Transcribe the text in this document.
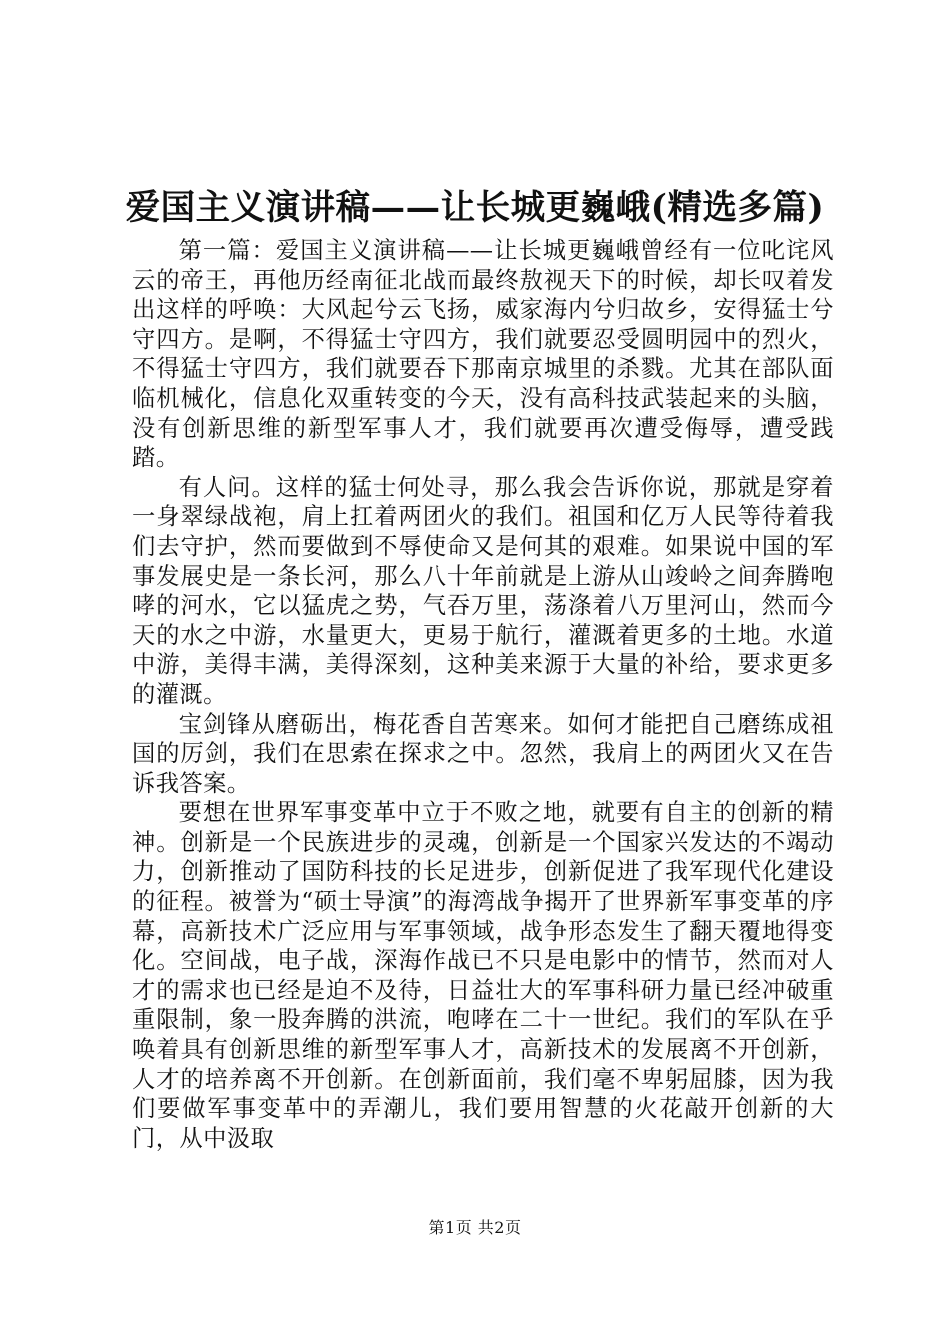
爱国主义演讲稿——让长城更巍峨(精选多篇)

第一篇：爱国主义演讲稿——让长城更巍峨曾经有一位叱诧风云的帝王，再他历经南征北战而最终敖视天下的时候，却长叹着发出这样的呼唤：大风起兮云飞扬，威家海内兮归故乡，安得猛士兮守四方。是啊，不得猛士守四方，我们就要忍受圆明园中的烈火，不得猛士守四方，我们就要吞下那南京城里的杀戮。尤其在部队面临机械化，信息化双重转变的今天，没有高科技武装起来的头脑，没有创新思维的新型军事人才，我们就要再次遭受侮辱，遭受践踏。

有人问。这样的猛士何处寻，那么我会告诉你说，那就是穿着一身翠绿战袍，肩上扛着两团火的我们。祖国和亿万人民等待着我们去守护，然而要做到不辱使命又是何其的艰难。如果说中国的军事发展史是一条长河，那么八十年前就是上游从山竣岭之间奔腾咆哮的河水，它以猛虎之势，气吞万里，荡涤着八万里河山，然而今天的水之中游，水量更大，更易于航行，灌溉着更多的土地。水道中游，美得丰满，美得深刻，这种美来源于大量的补给，要求更多的灌溉。

宝剑锋从磨砺出，梅花香自苦寒来。如何才能把自己磨练成祖国的厉剑，我们在思索在探求之中。忽然，我肩上的两团火又在告诉我答案。

要想在世界军事变革中立于不败之地，就要有自主的创新的精神。创新是一个民族进步的灵魂，创新是一个国家兴发达的不竭动力，创新推动了国防科技的长足进步，创新促进了我军现代化建设的征程。被誉为“硕士导演”的海湾战争揭开了世界新军事变革的序幕，高新技术广泛应用与军事领域，战争形态发生了翻天覆地得变化。空间战，电子战，深海作战已不只是电影中的情节，然而对人才的需求也已经是迫不及待，日益壮大的军事科研力量已经冲破重重限制，象一股奔腾的洪流，咆哮在二十一世纪。我们的军队在乎唤着具有创新思维的新型军事人才，高新技术的发展离不开创新，人才的培养离不开创新。在创新面前，我们毫不卑躬屈膝，因为我们要做军事变革中的弄潮儿，我们要用智慧的火花敲开创新的大门，从中汲取

第1页 共2页
